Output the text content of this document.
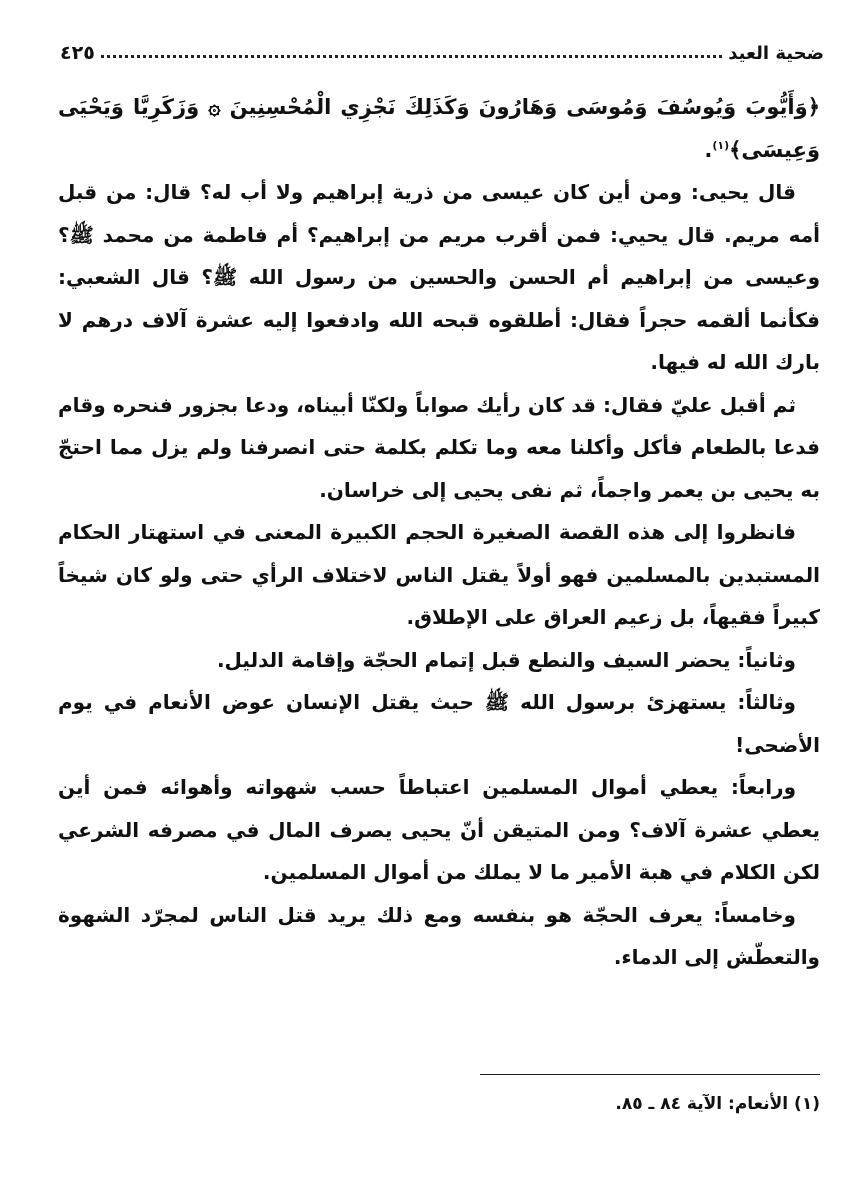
ضحية العيد
٤٢٥

﴿وَأَيُّوبَ وَيُوسُفَ وَمُوسَى وَهَارُونَ وَكَذَلِكَ نَجْزِي الْمُحْسِنِينَ ۞ وَزَكَرِيَّا وَيَحْيَى وَعِيسَى﴾$^{(١)}$.

قال يحيى: ومن أين كان عيسى من ذرية إبراهيم ولا أب له؟ قال: من قبل أمه مريم. قال يحيي: فمن أقرب مريم من إبراهيم؟ أم فاطمة من محمد ﷺ؟ وعيسى من إبراهيم أم الحسن والحسين من رسول الله ﷺ؟ قال الشعبي: فكأنما ألقمه حجراً فقال: أطلقوه قبحه الله وادفعوا إليه عشرة آلاف درهم لا بارك الله له فيها.

ثم أقبل عليّ فقال: قد كان رأيك صواباً ولكنّا أبيناه، ودعا بجزور فنحره وقام فدعا بالطعام فأكل وأكلنا معه وما تكلم بكلمة حتى انصرفنا ولم يزل مما احتجّ به يحيى بن يعمر واجماً، ثم نفى يحيى إلى خراسان.

فانظروا إلى هذه القصة الصغيرة الحجم الكبيرة المعنى في استهتار الحكام المستبدين بالمسلمين فهو أولاً يقتل الناس لاختلاف الرأي حتى ولو كان شيخاً كبيراً فقيهاً، بل زعيم العراق على الإطلاق.

وثانياً: يحضر السيف والنطع قبل إتمام الحجّة وإقامة الدليل.

وثالثاً: يستهزئ برسول الله ﷺ حيث يقتل الإنسان عوض الأنعام في يوم الأضحى!

ورابعاً: يعطي أموال المسلمين اعتباطاً حسب شهواته وأهوائه فمن أين يعطي عشرة آلاف؟ ومن المتيقن أنّ يحيى يصرف المال في مصرفه الشرعي لكن الكلام في هبة الأمير ما لا يملك من أموال المسلمين.

وخامساً: يعرف الحجّة هو بنفسه ومع ذلك يريد قتل الناس لمجرّد الشهوة والتعطّش إلى الدماء.

(١) الأنعام: الآية ٨٤ ـ ٨٥.
